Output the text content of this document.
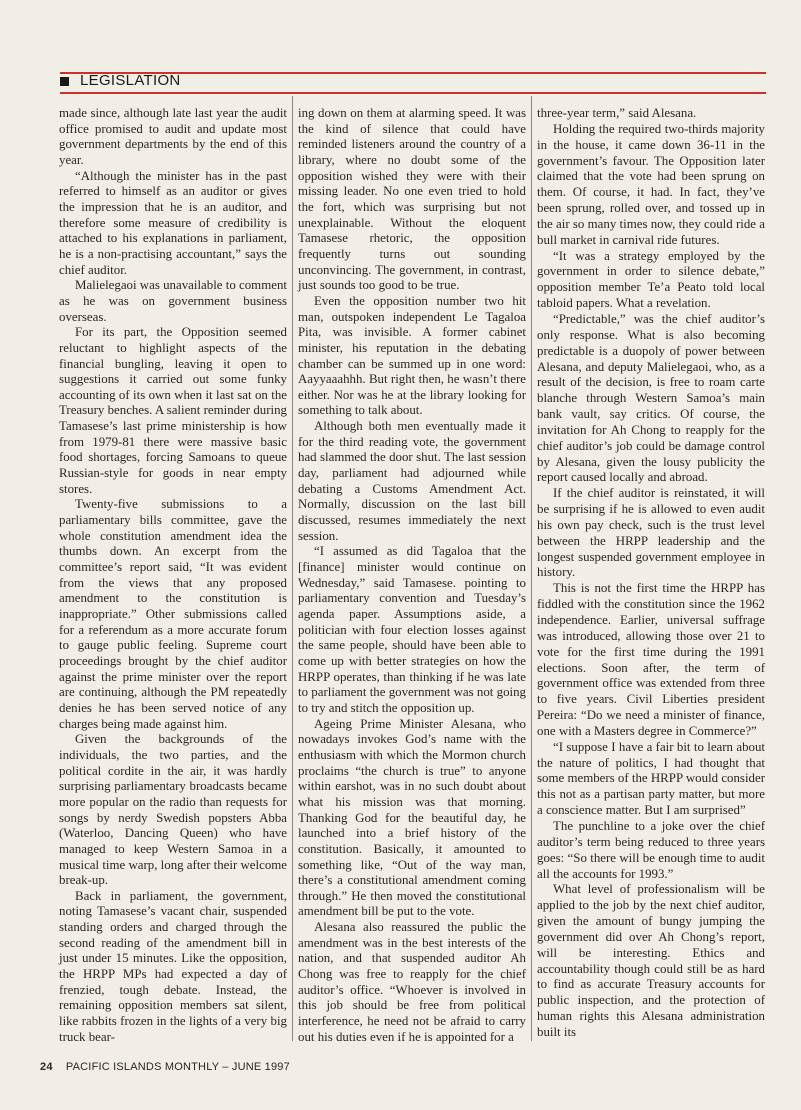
LEGISLATION

made since, although late last year the audit office promised to audit and update most government departments by the end of this year.

“Although the minister has in the past referred to himself as an auditor or gives the impression that he is an auditor, and therefore some measure of credibility is attached to his explanations in parliament, he is a non-practising accountant,” says the chief auditor.

Malielegaoi was unavailable to comment as he was on government business overseas.

For its part, the Opposition seemed reluctant to highlight aspects of the financial bungling, leaving it open to suggestions it carried out some funky accounting of its own when it last sat on the Treasury benches. A salient reminder during Tamasese’s last prime ministership is how from 1979-81 there were massive basic food shortages, forcing Samoans to queue Russian-style for goods in near empty stores.

Twenty-five submissions to a parliamentary bills committee, gave the whole constitution amendment idea the thumbs down. An excerpt from the committee’s report said, “It was evident from the views that any proposed amendment to the constitution is inappropriate.” Other submissions called for a referendum as a more accurate forum to gauge public feeling. Supreme court proceedings brought by the chief auditor against the prime minister over the report are continuing, although the PM repeatedly denies he has been served notice of any charges being made against him.

Given the backgrounds of the individuals, the two parties, and the political cordite in the air, it was hardly surprising parliamentary broadcasts became more popular on the radio than requests for songs by nerdy Swedish popsters Abba (Waterloo, Dancing Queen) who have managed to keep Western Samoa in a musical time warp, long after their welcome break-up.

Back in parliament, the government, noting Tamasese’s vacant chair, suspended standing orders and charged through the second reading of the amendment bill in just under 15 minutes. Like the opposition, the HRPP MPs had expected a day of frenzied, tough debate. Instead, the remaining opposition members sat silent, like rabbits frozen in the lights of a very big truck bear-

ing down on them at alarming speed. It was the kind of silence that could have reminded listeners around the country of a library, where no doubt some of the opposition wished they were with their missing leader. No one even tried to hold the fort, which was surprising but not unexplainable. Without the eloquent Tamasese rhetoric, the opposition frequently turns out sounding unconvincing. The government, in contrast, just sounds too good to be true.

Even the opposition number two hit man, outspoken independent Le Tagaloa Pita, was invisible. A former cabinet minister, his reputation in the debating chamber can be summed up in one word: Aayyaaahhh. But right then, he wasn’t there either. Nor was he at the library looking for something to talk about.

Although both men eventually made it for the third reading vote, the government had slammed the door shut. The last session day, parliament had adjourned while debating a Customs Amendment Act. Normally, discussion on the last bill discussed, resumes immediately the next session.

“I assumed as did Tagaloa that the [finance] minister would continue on Wednesday,” said Tamasese. pointing to parliamentary convention and Tuesday’s agenda paper. Assumptions aside, a politician with four election losses against the same people, should have been able to come up with better strategies on how the HRPP operates, than thinking if he was late to parliament the government was not going to try and stitch the opposition up.

Ageing Prime Minister Alesana, who nowadays invokes God’s name with the enthusiasm with which the Mormon church proclaims “the church is true” to anyone within earshot, was in no such doubt about what his mission was that morning. Thanking God for the beautiful day, he launched into a brief history of the constitution. Basically, it amounted to something like, “Out of the way man, there’s a constitutional amendment coming through.” He then moved the constitutional amendment bill be put to the vote.

Alesana also reassured the public the amendment was in the best interests of the nation, and that suspended auditor Ah Chong was free to reapply for the chief auditor’s office. “Whoever is involved in this job should be free from political interference, he need not be afraid to carry out his duties even if he is appointed for a

three-year term,” said Alesana.

Holding the required two-thirds majority in the house, it came down 36-11 in the government’s favour. The Opposition later claimed that the vote had been sprung on them. Of course, it had. In fact, they’ve been sprung, rolled over, and tossed up in the air so many times now, they could ride a bull market in carnival ride futures.

“It was a strategy employed by the government in order to silence debate,” opposition member Te’a Peato told local tabloid papers. What a revelation.

“Predictable,” was the chief auditor’s only response. What is also becoming predictable is a duopoly of power between Alesana, and deputy Malielegaoi, who, as a result of the decision, is free to roam carte blanche through Western Samoa’s main bank vault, say critics. Of course, the invitation for Ah Chong to reapply for the chief auditor’s job could be damage control by Alesana, given the lousy publicity the report caused locally and abroad.

If the chief auditor is reinstated, it will be surprising if he is allowed to even audit his own pay check, such is the trust level between the HRPP leadership and the longest suspended government employee in history.

This is not the first time the HRPP has fiddled with the constitution since the 1962 independence. Earlier, universal suffrage was introduced, allowing those over 21 to vote for the first time during the 1991 elections. Soon after, the term of government office was extended from three to five years. Civil Liberties president Pereira: “Do we need a minister of finance, one with a Masters degree in Commerce?”

“I suppose I have a fair bit to learn about the nature of politics, I had thought that some members of the HRPP would consider this not as a partisan party matter, but more a conscience matter. But I am surprised”

The punchline to a joke over the chief auditor’s term being reduced to three years goes: “So there will be enough time to audit all the accounts for 1993.”

What level of professionalism will be applied to the job by the next chief auditor, given the amount of bungy jumping the government did over Ah Chong’s report, will be interesting. Ethics and accountability though could still be as hard to find as accurate Treasury accounts for public inspection, and the protection of human rights this Alesana administration built its

24 PACIFIC ISLANDS MONTHLY – JUNE 1997
